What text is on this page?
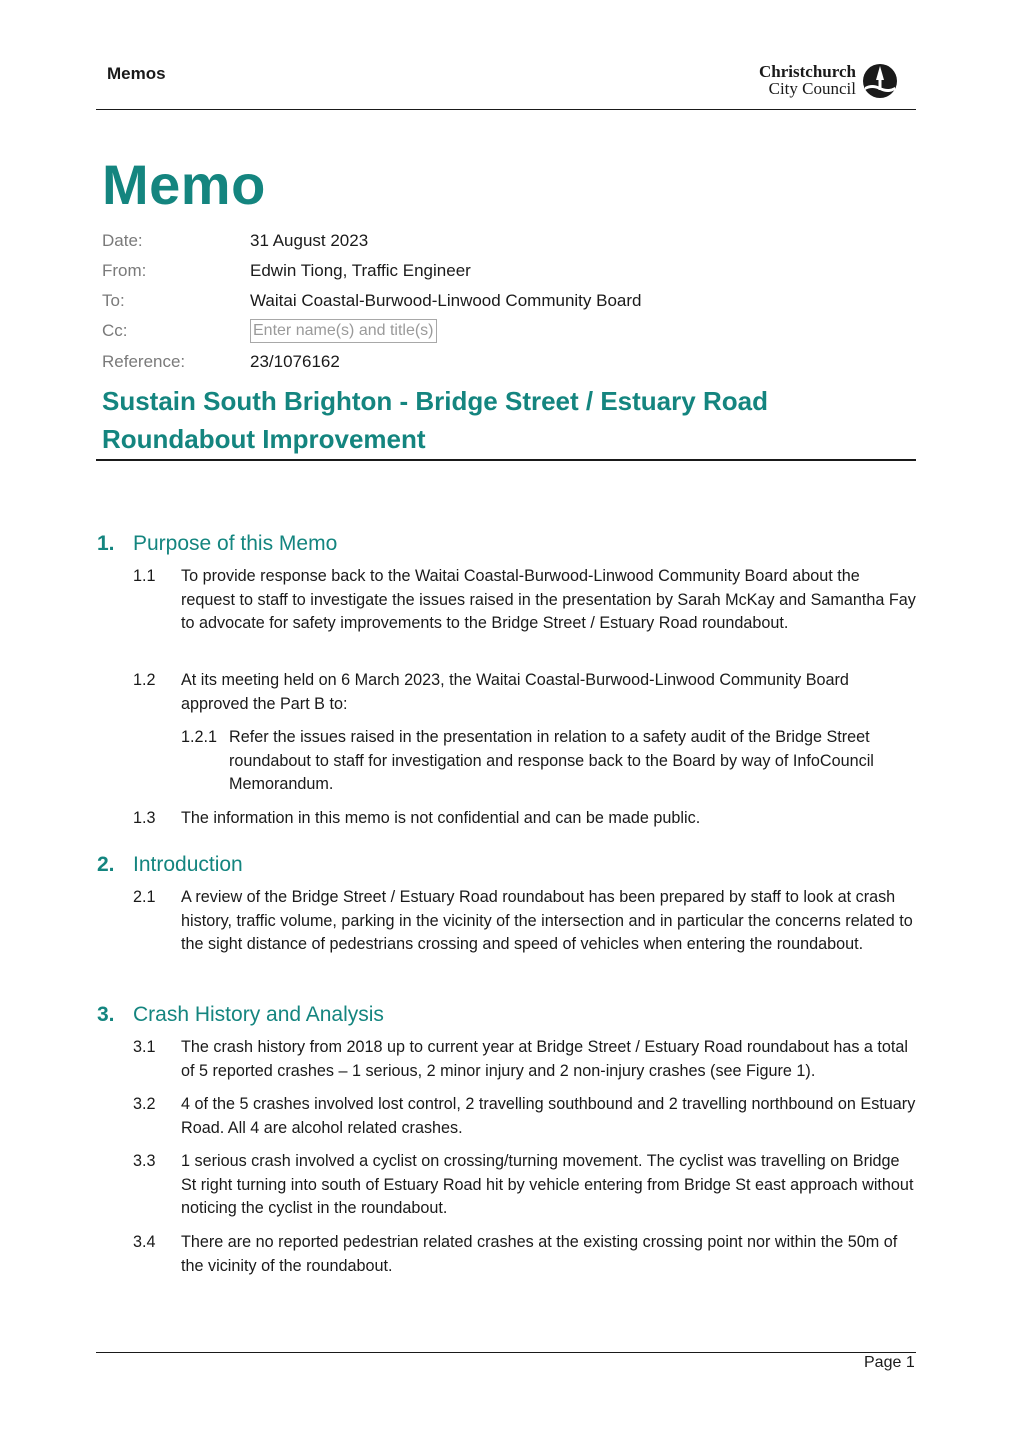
Memos	Christchurch
City Council
Memo
Date:	31 August 2023
From:	Edwin Tiong, Traffic Engineer
To:	Waitai Coastal-Burwood-Linwood Community Board
Cc:	Enter name(s) and title(s)
Reference:	23/1076162
Sustain South Brighton - Bridge Street / Estuary Road Roundabout Improvement
1. Purpose of this Memo
1.1 To provide response back to the Waitai Coastal-Burwood-Linwood Community Board about the request to staff to investigate the issues raised in the presentation by Sarah McKay and Samantha Fay to advocate for safety improvements to the Bridge Street / Estuary Road roundabout.
1.2 At its meeting held on 6 March 2023, the Waitai Coastal-Burwood-Linwood Community Board approved the Part B to:
1.2.1 Refer the issues raised in the presentation in relation to a safety audit of the Bridge Street roundabout to staff for investigation and response back to the Board by way of InfoCouncil Memorandum.
1.3 The information in this memo is not confidential and can be made public.
2. Introduction
2.1 A review of the Bridge Street / Estuary Road roundabout has been prepared by staff to look at crash history, traffic volume, parking in the vicinity of the intersection and in particular the concerns related to the sight distance of pedestrians crossing and speed of vehicles when entering the roundabout.
3. Crash History and Analysis
3.1 The crash history from 2018 up to current year at Bridge Street / Estuary Road roundabout has a total of 5 reported crashes – 1 serious, 2 minor injury and 2 non-injury crashes (see Figure 1).
3.2 4 of the 5 crashes involved lost control, 2 travelling southbound and 2 travelling northbound on Estuary Road. All 4 are alcohol related crashes.
3.3 1 serious crash involved a cyclist on crossing/turning movement. The cyclist was travelling on Bridge St right turning into south of Estuary Road hit by vehicle entering from Bridge St east approach without noticing the cyclist in the roundabout.
3.4 There are no reported pedestrian related crashes at the existing crossing point nor within the 50m of the vicinity of the roundabout.
Page 1
